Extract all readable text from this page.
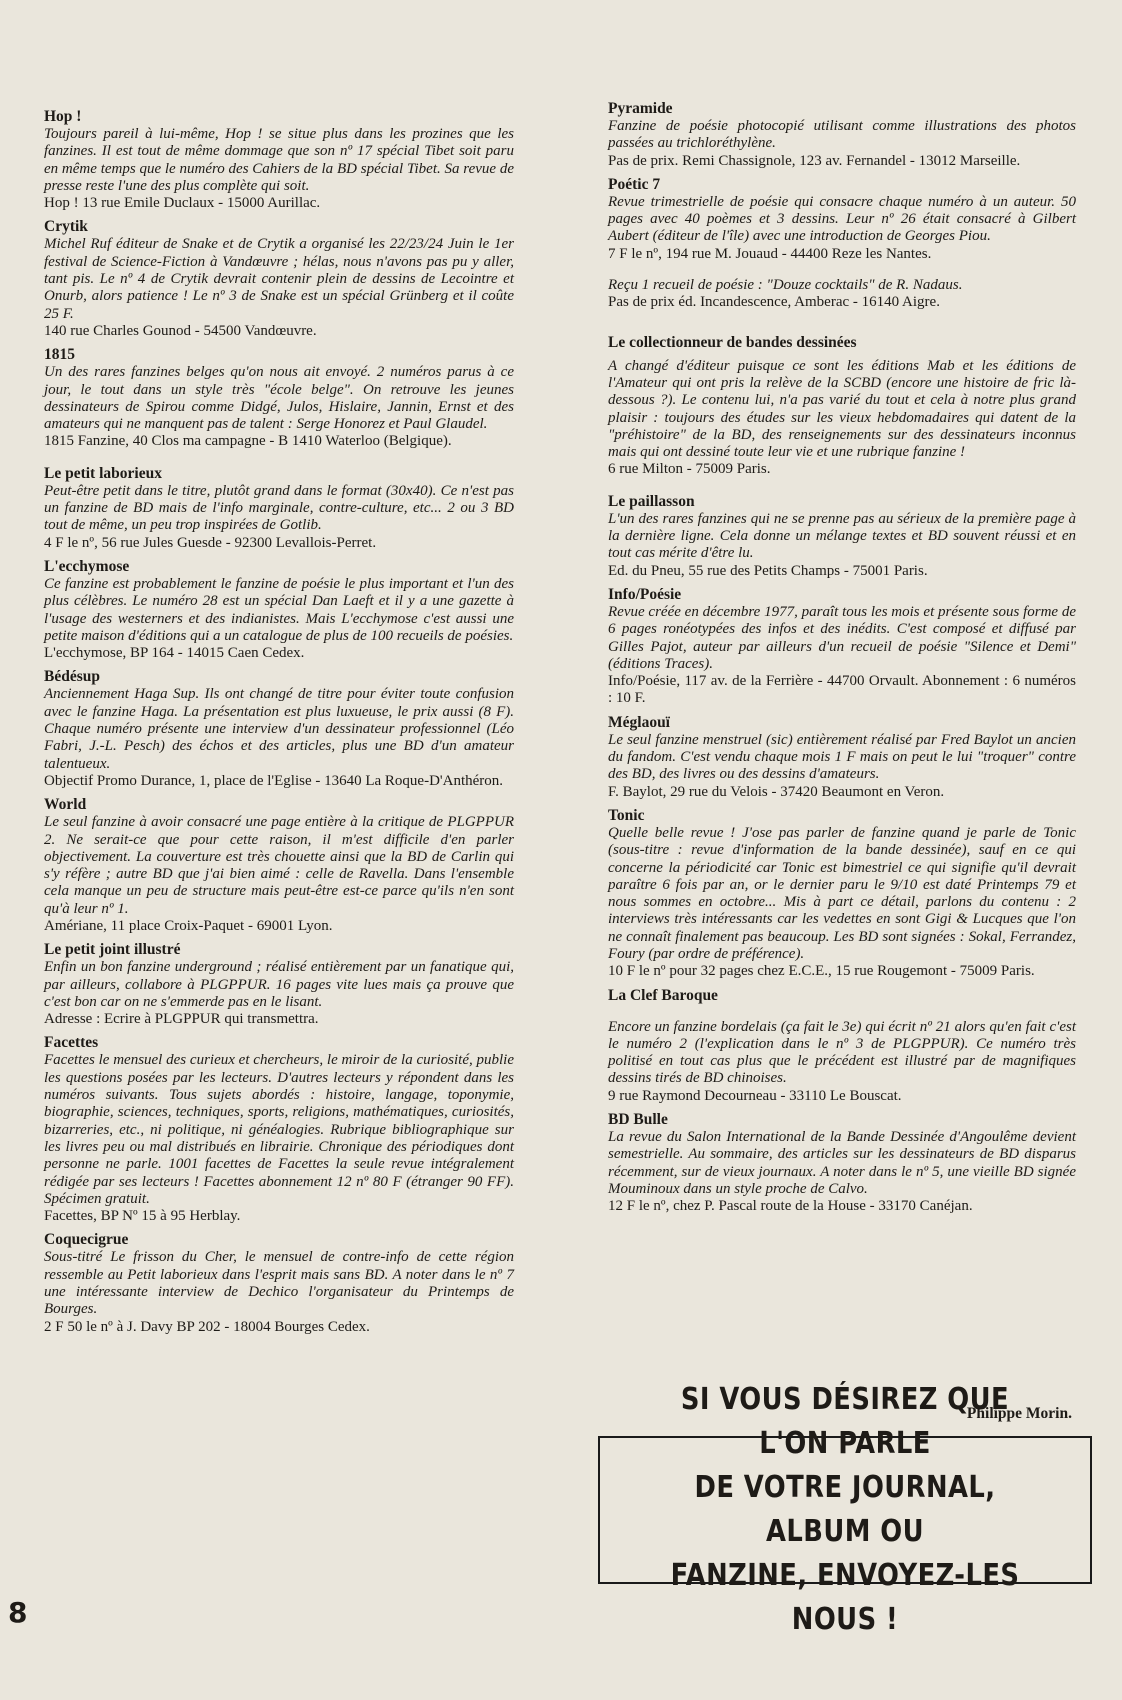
Hop !

Toujours pareil à lui-même, Hop ! se situe plus dans les prozines que les fanzines. Il est tout de même dommage que son nº 17 spécial Tibet soit paru en même temps que le numéro des Cahiers de la BD spécial Tibet. Sa revue de presse reste l'une des plus complète qui soit.

Hop ! 13 rue Emile Duclaux - 15000 Aurillac.

Crytik

Michel Ruf éditeur de Snake et de Crytik a organisé les 22/23/24 Juin le 1er festival de Science-Fiction à Vandœuvre ; hélas, nous n'avons pas pu y aller, tant pis. Le nº 4 de Crytik devrait contenir plein de dessins de Lecointre et Onurb, alors patience ! Le nº 3 de Snake est un spécial Grünberg et il coûte 25 F.

140 rue Charles Gounod - 54500 Vandœuvre.

1815

Un des rares fanzines belges qu'on nous ait envoyé. 2 numéros parus à ce jour, le tout dans un style très "école belge". On retrouve les jeunes dessinateurs de Spirou comme Didgé, Julos, Hislaire, Jannin, Ernst et des amateurs qui ne manquent pas de talent : Serge Honorez et Paul Glaudel.

1815 Fanzine, 40 Clos ma campagne - B 1410 Waterloo (Belgique).

Le petit laborieux

Peut-être petit dans le titre, plutôt grand dans le format (30x40). Ce n'est pas un fanzine de BD mais de l'info marginale, contre-culture, etc... 2 ou 3 BD tout de même, un peu trop inspirées de Gotlib.

4 F le nº, 56 rue Jules Guesde - 92300 Levallois-Perret.

L'ecchymose

Ce fanzine est probablement le fanzine de poésie le plus important et l'un des plus célèbres. Le numéro 28 est un spécial Dan Laeft et il y a une gazette à l'usage des westerners et des indianistes. Mais L'ecchymose c'est aussi une petite maison d'éditions qui a un catalogue de plus de 100 recueils de poésies.

L'ecchymose, BP 164 - 14015 Caen Cedex.

Bédésup

Anciennement Haga Sup. Ils ont changé de titre pour éviter toute confusion avec le fanzine Haga. La présentation est plus luxueuse, le prix aussi (8 F). Chaque numéro présente une interview d'un dessinateur professionnel (Léo Fabri, J.-L. Pesch) des échos et des articles, plus une BD d'un amateur talentueux.

Objectif Promo Durance, 1, place de l'Eglise - 13640 La Roque-D'Anthéron.

World

Le seul fanzine à avoir consacré une page entière à la critique de PLGPPUR 2. Ne serait-ce que pour cette raison, il m'est difficile d'en parler objectivement. La couverture est très chouette ainsi que la BD de Carlin qui s'y réfère ; autre BD que j'ai bien aimé : celle de Ravella. Dans l'ensemble cela manque un peu de structure mais peut-être est-ce parce qu'ils n'en sont qu'à leur nº 1.

Amériane, 11 place Croix-Paquet - 69001 Lyon.

Le petit joint illustré

Enfin un bon fanzine underground ; réalisé entièrement par un fanatique qui, par ailleurs, collabore à PLGPPUR. 16 pages vite lues mais ça prouve que c'est bon car on ne s'emmerde pas en le lisant.

Adresse : Ecrire à PLGPPUR qui transmettra.

Facettes

Facettes le mensuel des curieux et chercheurs, le miroir de la curiosité, publie les questions posées par les lecteurs. D'autres lecteurs y répondent dans les numéros suivants. Tous sujets abordés : histoire, langage, toponymie, biographie, sciences, techniques, sports, religions, mathématiques, curiosités, bizarreries, etc., ni politique, ni généalogies. Rubrique bibliographique sur les livres peu ou mal distribués en librairie. Chronique des périodiques dont personne ne parle. 1001 facettes de Facettes la seule revue intégralement rédigée par ses lecteurs ! Facettes abonnement 12 nº 80 F (étranger 90 FF). Spécimen gratuit.

Facettes, BP Nº 15 à 95 Herblay.

Coquecigrue

Sous-titré Le frisson du Cher, le mensuel de contre-info de cette région ressemble au Petit laborieux dans l'esprit mais sans BD. A noter dans le nº 7 une intéressante interview de Dechico l'organisateur du Printemps de Bourges.

2 F 50 le nº à J. Davy BP 202 - 18004 Bourges Cedex.

Pyramide

Fanzine de poésie photocopié utilisant comme illustrations des photos passées au trichloréthylène.

Pas de prix. Remi Chassignole, 123 av. Fernandel - 13012 Marseille.

Poétic 7

Revue trimestrielle de poésie qui consacre chaque numéro à un auteur. 50 pages avec 40 poèmes et 3 dessins. Leur nº 26 était consacré à Gilbert Aubert (éditeur de l'île) avec une introduction de Georges Piou.

7 F le nº, 194 rue M. Jouaud - 44400 Reze les Nantes.

Reçu 1 recueil de poésie : "Douze cocktails" de R. Nadaus.

Pas de prix éd. Incandescence, Amberac - 16140 Aigre.

Le collectionneur de bandes dessinées

A changé d'éditeur puisque ce sont les éditions Mab et les éditions de l'Amateur qui ont pris la relève de la SCBD (encore une histoire de fric là-dessous ?). Le contenu lui, n'a pas varié du tout et cela à notre plus grand plaisir : toujours des études sur les vieux hebdomadaires qui datent de la "préhistoire" de la BD, des renseignements sur des dessinateurs inconnus mais qui ont dessiné toute leur vie et une rubrique fanzine !

6 rue Milton - 75009 Paris.

Le paillasson

L'un des rares fanzines qui ne se prenne pas au sérieux de la première page à la dernière ligne. Cela donne un mélange textes et BD souvent réussi et en tout cas mérite d'être lu.

Ed. du Pneu, 55 rue des Petits Champs - 75001 Paris.

Info/Poésie

Revue créée en décembre 1977, paraît tous les mois et présente sous forme de 6 pages ronéotypées des infos et des inédits. C'est composé et diffusé par Gilles Pajot, auteur par ailleurs d'un recueil de poésie "Silence et Demi" (éditions Traces).

Info/Poésie, 117 av. de la Ferrière - 44700 Orvault. Abonnement : 6 numéros : 10 F.

Méglaouï

Le seul fanzine menstruel (sic) entièrement réalisé par Fred Baylot un ancien du fandom. C'est vendu chaque mois 1 F mais on peut le lui "troquer" contre des BD, des livres ou des dessins d'amateurs.

F. Baylot, 29 rue du Velois - 37420 Beaumont en Veron.

Tonic

Quelle belle revue ! J'ose pas parler de fanzine quand je parle de Tonic (sous-titre : revue d'information de la bande dessinée), sauf en ce qui concerne la périodicité car Tonic est bimestriel ce qui signifie qu'il devrait paraître 6 fois par an, or le dernier paru le 9/10 est daté Printemps 79 et nous sommes en octobre... Mis à part ce détail, parlons du contenu : 2 interviews très intéressants car les vedettes en sont Gigi & Lucques que l'on ne connaît finalement pas beaucoup. Les BD sont signées : Sokal, Ferrandez, Foury (par ordre de préférence).

10 F le nº pour 32 pages chez E.C.E., 15 rue Rougemont - 75009 Paris.

La Clef Baroque

Encore un fanzine bordelais (ça fait le 3e) qui écrit nº 21 alors qu'en fait c'est le numéro 2 (l'explication dans le nº 3 de PLGPPUR). Ce numéro très politisé en tout cas plus que le précédent est illustré par de magnifiques dessins tirés de BD chinoises.

9 rue Raymond Decourneau - 33110 Le Bouscat.

BD Bulle

La revue du Salon International de la Bande Dessinée d'Angoulême devient semestrielle. Au sommaire, des articles sur les dessinateurs de BD disparus récemment, sur de vieux journaux. A noter dans le nº 5, une vieille BD signée Mouminoux dans un style proche de Calvo.

12 F le nº, chez P. Pascal route de la House - 33170 Canéjan.

Philippe Morin.
SI VOUS DÉSIREZ QUE L'ON PARLE
DE VOTRE JOURNAL, ALBUM OU
FANZINE, ENVOYEZ-LES NOUS !
8
